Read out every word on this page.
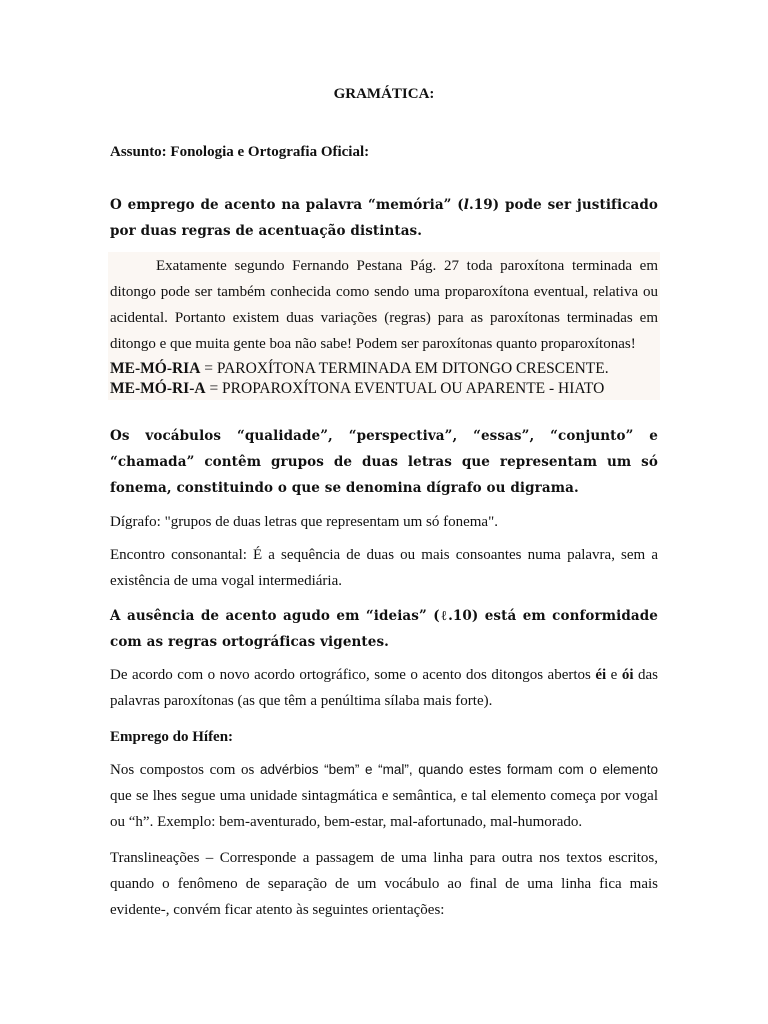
GRAMÁTICA:
Assunto: Fonologia e Ortografia Oficial:

O emprego de acento na palavra “memória” (l.19) pode ser justificado por duas regras de acentuação distintas.

Exatamente segundo Fernando Pestana Pág. 27 toda paroxítona terminada em ditongo pode ser também conhecida como sendo uma proparoxítona eventual, relativa ou acidental. Portanto existem duas variações (regras) para as paroxítonas terminadas em ditongo e que muita gente boa não sabe! Podem ser paroxítonas quanto proparoxítonas!

ME-MÓ-RIA = PAROXÍTONA TERMINADA EM DITONGO CRESCENTE.
ME-MÓ-RI-A = PROPAROXÍTONA EVENTUAL OU APARENTE - HIATO

Os vocábulos “qualidade”, “perspectiva”, “essas”, “conjunto” e “chamada” contêm grupos de duas letras que representam um só fonema, constituindo o que se denomina dígrafo ou digrama.

Dígrafo: "grupos de duas letras que representam um só fonema".

Encontro consonantal: É a sequência de duas ou mais consoantes numa palavra, sem a existência de uma vogal intermediária.

A ausência de acento agudo em “ideias” (ℓ.10) está em conformidade com as regras ortográficas vigentes.

De acordo com o novo acordo ortográfico, some o acento dos ditongos abertos éi e ói das palavras paroxítonas (as que têm a penúltima sílaba mais forte).

Emprego do Hífen:

Nos compostos com os advérbios “bem” e “mal”, quando estes formam com o elemento que se lhes segue uma unidade sintagmática e semântica, e tal elemento começa por vogal ou “h”. Exemplo: bem-aventurado, bem-estar, mal-afortunado, mal-humorado.

Translineações – Corresponde a passagem de uma linha para outra nos textos escritos, quando o fenômeno de separação de um vocábulo ao final de uma linha fica mais evidente-, convém ficar atento às seguintes orientações:
